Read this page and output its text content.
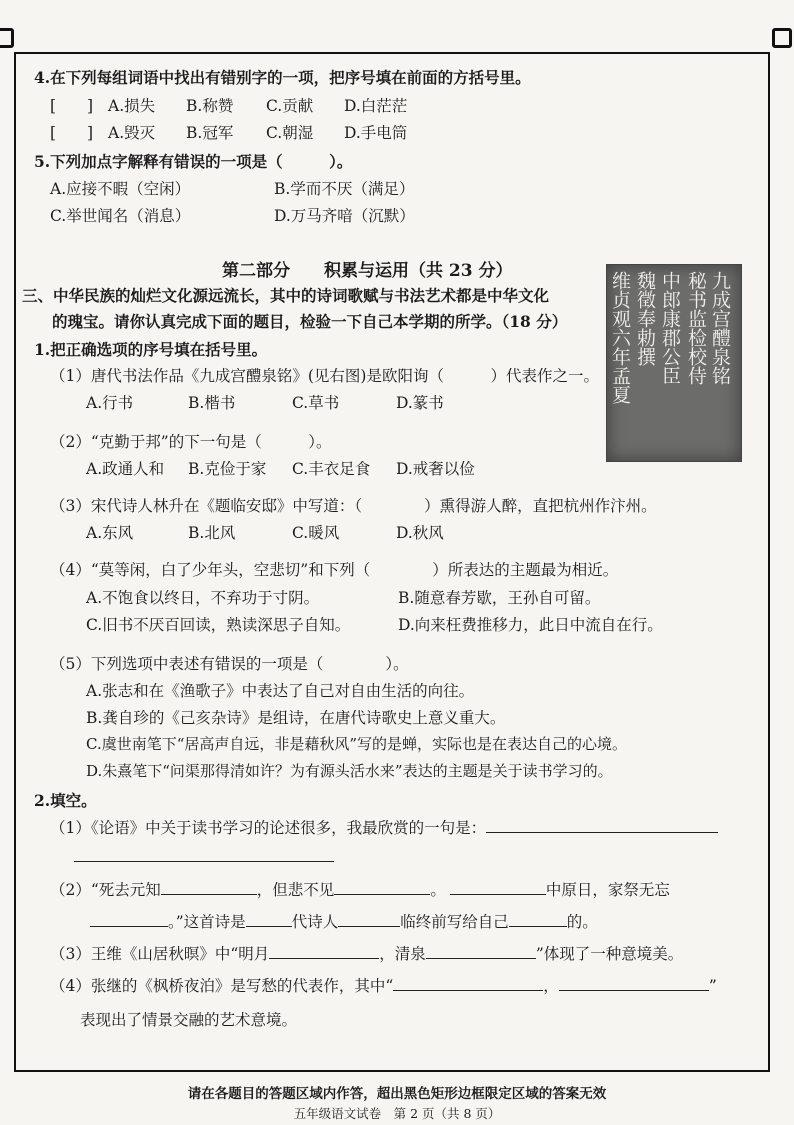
4.在下列每组词语中找出有错别字的一项，把序号填在前面的方括号里。
[　　] A.损失 B.称赞 C.贡献 D.白茫茫
[　　] A.毁灭 B.冠军 C.朝湿 D.手电筒
5.下列加点字解释有错误的一项是（　　　）。
A.应接不暇（空闲）	B.学而不厌（满足）
C.举世闻名（消息）	D.万马齐喑（沉默）
第二部分　　积累与运用（共 23 分）	九成宫醴泉铭
秘书监检校侍
中郎康郡公臣
魏徵奉勅撰
维贞观六年孟夏
三、中华民族的灿烂文化源远流长，其中的诗词歌赋与书法艺术都是中华文化
的瑰宝。请你认真完成下面的题目，检验一下自己本学期的所学。（18 分）
1.把正确选项的序号填在括号里。
（1）唐代书法作品《九成宫醴泉铭》(见右图)是欧阳询（　　　）代表作之一。
A.行书	B.楷书	C.草书	D.篆书
（2）“克勤于邦”的下一句是（　　　）。
A.政通人和 B.克俭于家 C.丰衣足食 D.戒奢以俭
（3）宋代诗人林升在《题临安邸》中写道：（　　　　）熏得游人醉，直把杭州作汴州。
A.东风	B.北风	C.暖风	D.秋风
（4）“莫等闲，白了少年头，空悲切”和下列（　　　　）所表达的主题最为相近。
A.不饱食以终日，不弃功于寸阴。	B.随意春芳歇，王孙自可留。
C.旧书不厌百回读，熟读深思子自知。	D.向来枉费推移力，此日中流自在行。
（5）下列选项中表述有错误的一项是（　　　　）。
A.张志和在《渔歌子》中表达了自己对自由生活的向往。
B.龚自珍的《己亥杂诗》是组诗，在唐代诗歌史上意义重大。
C.虞世南笔下“居高声自远，非是藉秋风”写的是蝉，实际也是在表达自己的心境。
D.朱熹笔下“问渠那得清如许？为有源头活水来”表达的主题是关于读书学习的。
2.填空。
（1）《论语》中关于读书学习的论述很多，我最欣赏的一句是：
（2）“死去元知	，但悲不见	。	中原日，家祭无忘
。”这首诗是	代诗人	临终前写给自己	的。
（3）王维《山居秋暝》中“明月	，清泉	”体现了一种意境美。
（4）张继的《枫桥夜泊》是写愁的代表作，其中“	，	”
表现出了情景交融的艺术意境。
请在各题目的答题区域内作答，超出黑色矩形边框限定区域的答案无效
五年级语文试卷　第 2 页（共 8 页）
